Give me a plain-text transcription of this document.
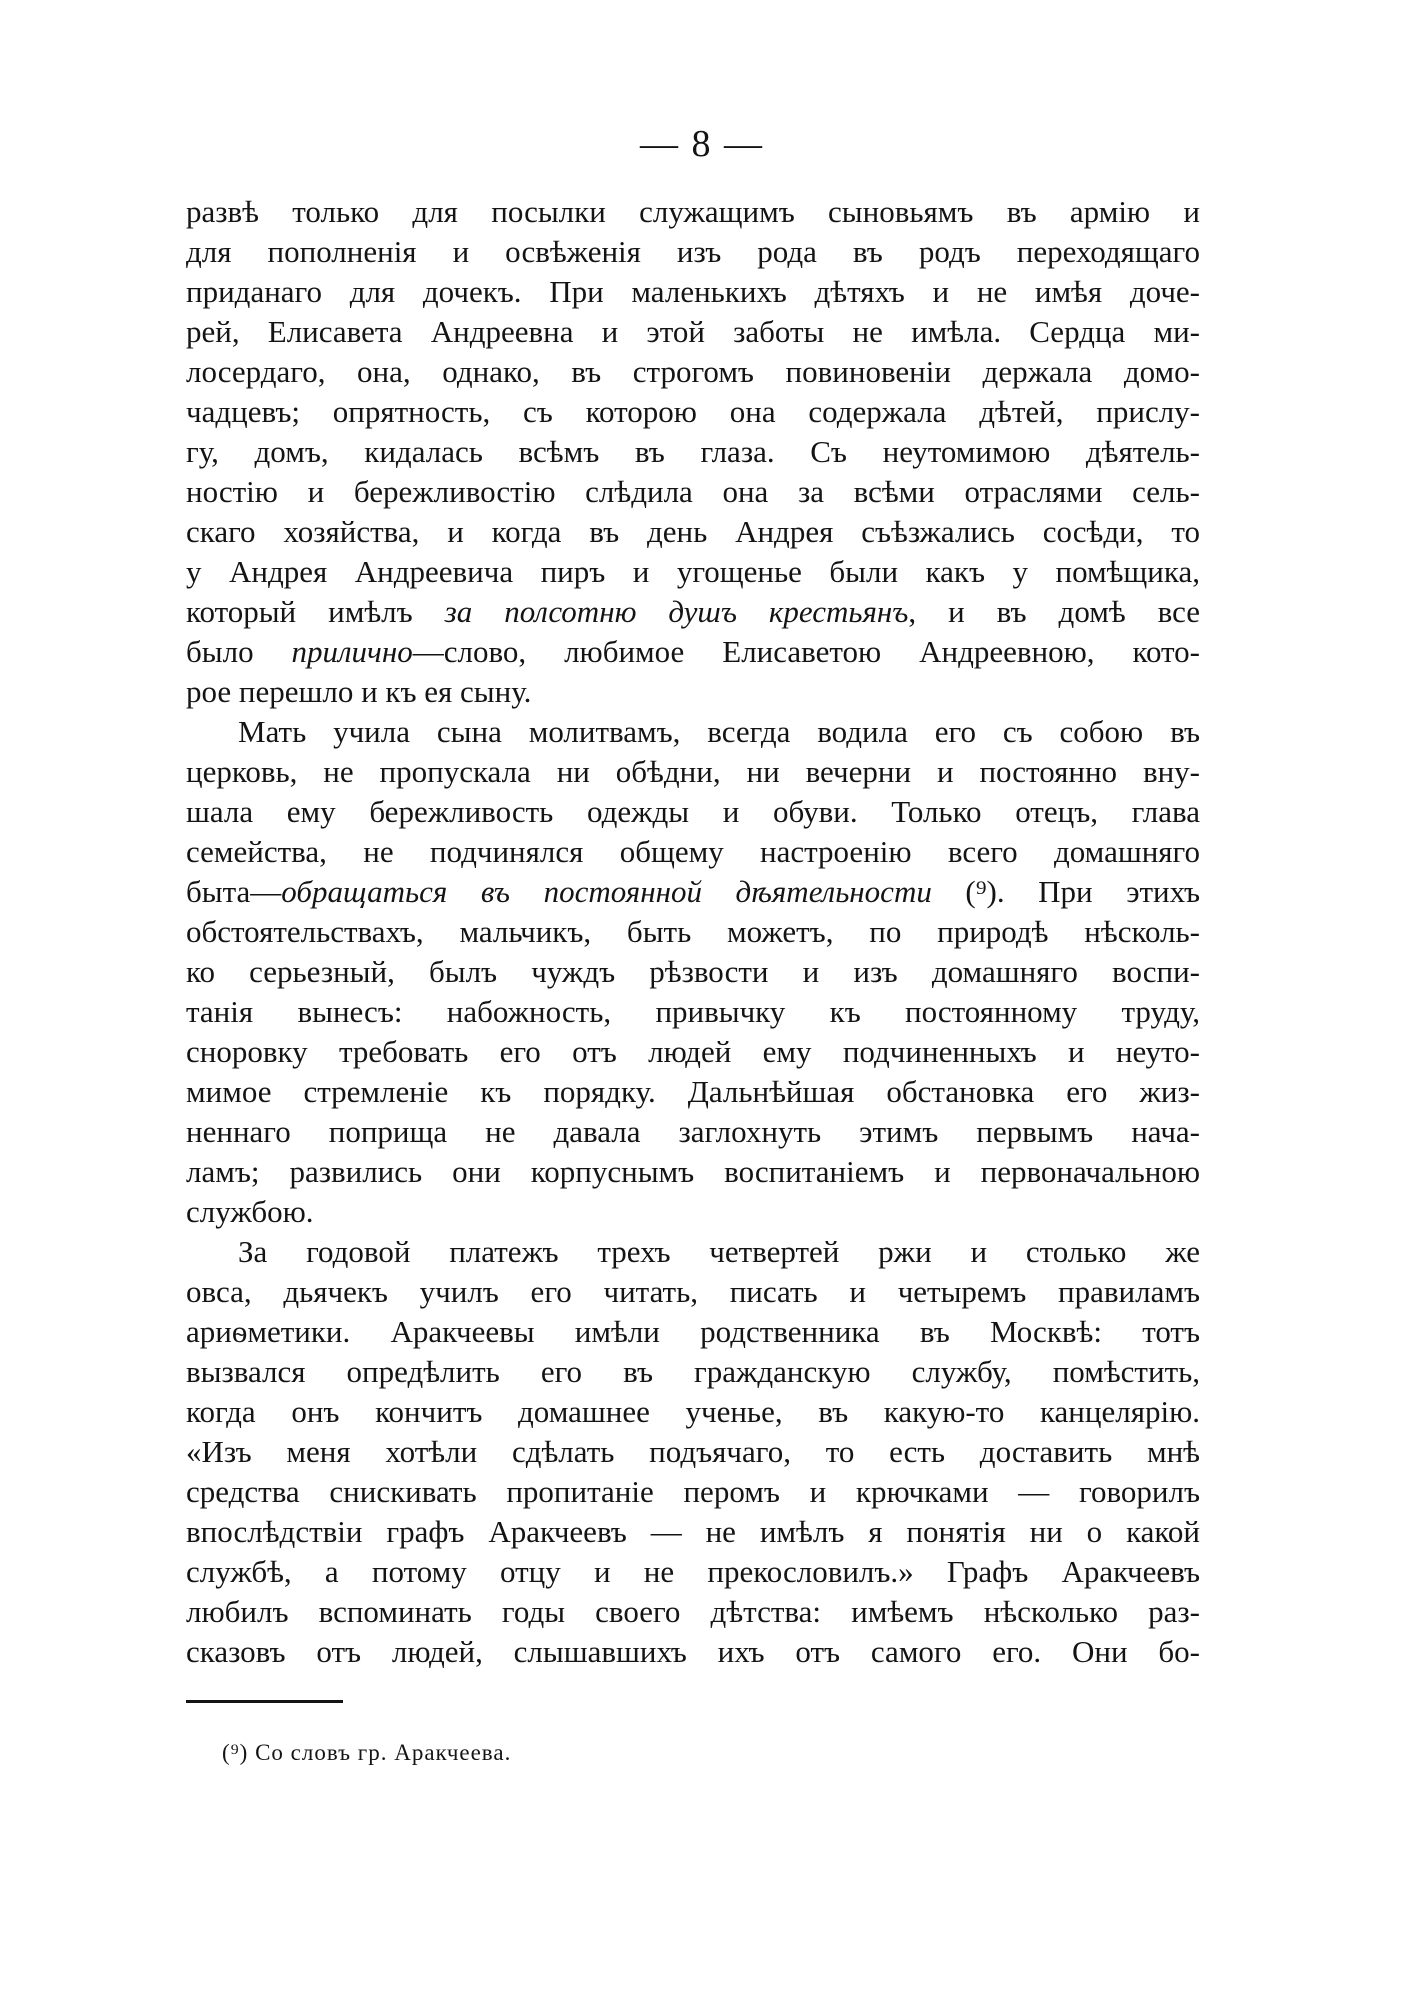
— 8 —
развѣ только для посылки служащимъ сыновьямъ въ армію и
для пополненія и освѣженія изъ рода въ родъ переходящаго
приданаго для дочекъ. При маленькихъ дѣтяхъ и не имѣя доче-
рей, Елисавета Андреевна и этой заботы не имѣла. Сердца ми-
лосердаго, она, однако, въ строгомъ повиновеніи держала домо-
чадцевъ; опрятность, съ которою она содержала дѣтей, прислу-
гу, домъ, кидалась всѣмъ въ глаза. Съ неутомимою дѣятель-
ностію и бережливостію слѣдила она за всѣми отраслями сель-
скаго хозяйства, и когда въ день Андрея съѣзжались сосѣди, то
у Андрея Андреевича пиръ и угощенье были какъ у помѣщика,
который имѣлъ за полсотню душъ крестьянъ, и въ домѣ все
было прилично—слово, любимое Елисаветою Андреевною, кото-
рое перешло и къ ея сыну.
Мать учила сына молитвамъ, всегда водила его съ собою въ
церковь, не пропускала ни обѣдни, ни вечерни и постоянно вну-
шала ему бережливость одежды и обуви. Только отецъ, глава
семейства, не подчинялся общему настроенію всего домашняго
быта—обращаться въ постоянной дѣятельности (⁹). При этихъ
обстоятельствахъ, мальчикъ, быть можетъ, по природѣ нѣсколь-
ко серьезный, былъ чуждъ рѣзвости и изъ домашняго воспи-
танія вынесъ: набожность, привычку къ постоянному труду,
сноровку требовать его отъ людей ему подчиненныхъ и неуто-
мимое стремленіе къ порядку. Дальнѣйшая обстановка его жиз-
неннаго поприща не давала заглохнуть этимъ первымъ нача-
ламъ; развились они корпуснымъ воспитаніемъ и первоначальною
службою.
За годовой платежъ трехъ четвертей ржи и столько же
овса, дьячекъ училъ его читать, писать и четыремъ правиламъ
ариѳметики. Аракчеевы имѣли родственника въ Москвѣ: тотъ
вызвался опредѣлить его въ гражданскую службу, помѣстить,
когда онъ кончитъ домашнее ученье, въ какую-то канцелярію.
«Изъ меня хотѣли сдѣлать подъячаго, то есть доставить мнѣ
средства снискивать пропитаніе перомъ и крючками — говорилъ
впослѣдствіи графъ Аракчеевъ — не имѣлъ я понятія ни о какой
службѣ, а потому отцу и не прекословилъ.» Графъ Аракчеевъ
любилъ вспоминать годы своего дѣтства: имѣемъ нѣсколько раз-
сказовъ отъ людей, слышавшихъ ихъ отъ самого его. Они бо-
(⁹) Со словъ гр. Аракчеева.
